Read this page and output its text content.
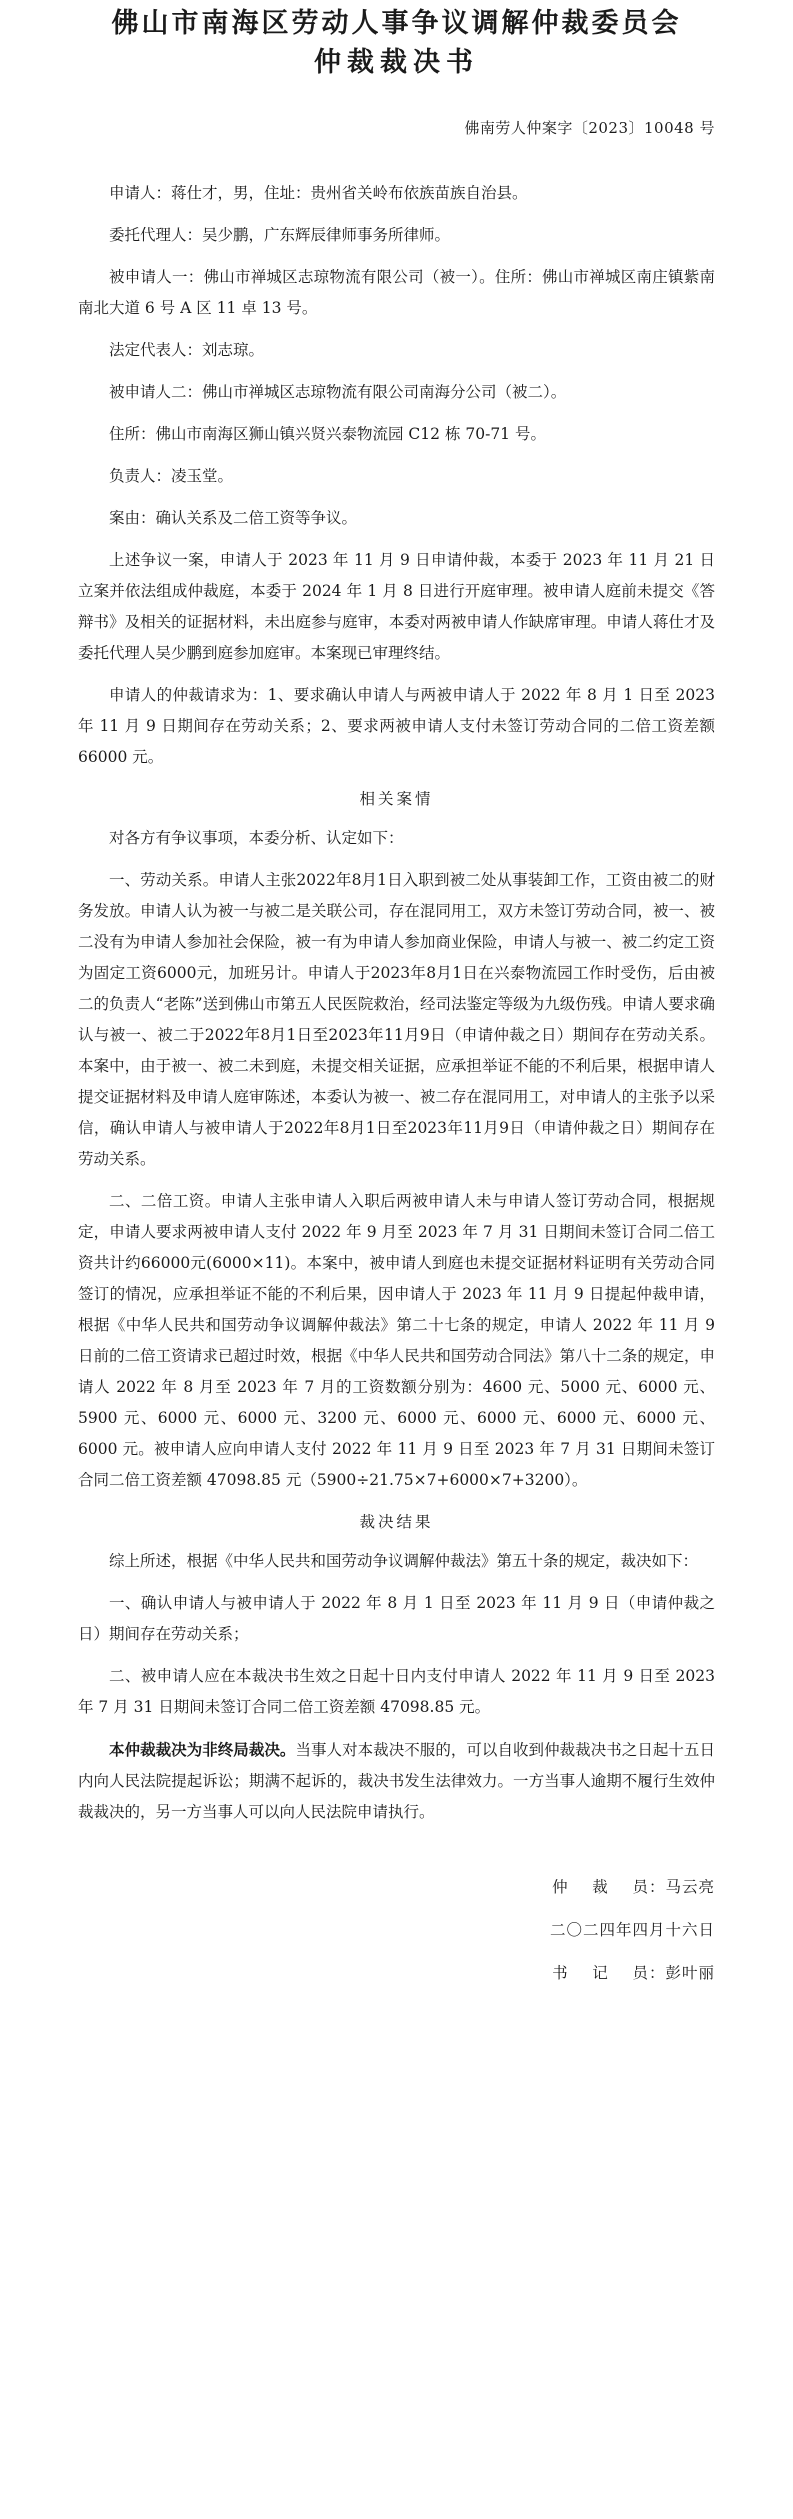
佛山市南海区劳动人事争议调解仲裁委员会

仲裁裁决书

佛南劳人仲案字〔2023〕10048 号

申请人：蒋仕才，男，住址：贵州省关岭布依族苗族自治县。

委托代理人：吴少鹏，广东辉辰律师事务所律师。

被申请人一：佛山市禅城区志琼物流有限公司（被一）。住所：佛山市禅城区南庄镇紫南南北大道 6 号 A 区 11 卓 13 号。

法定代表人：刘志琼。

被申请人二：佛山市禅城区志琼物流有限公司南海分公司（被二）。

住所：佛山市南海区狮山镇兴贤兴泰物流园 C12 栋 70-71 号。

负责人：凌玉堂。

案由：确认关系及二倍工资等争议。

上述争议一案，申请人于 2023 年 11 月 9 日申请仲裁，本委于 2023 年 11 月 21 日立案并依法组成仲裁庭，本委于 2024 年 1 月 8 日进行开庭审理。被申请人庭前未提交《答辩书》及相关的证据材料，未出庭参与庭审，本委对两被申请人作缺席审理。申请人蒋仕才及委托代理人吴少鹏到庭参加庭审。本案现已审理终结。

申请人的仲裁请求为：1、要求确认申请人与两被申请人于 2022 年 8 月 1 日至 2023 年 11 月 9 日期间存在劳动关系；2、要求两被申请人支付未签订劳动合同的二倍工资差额 66000 元。

相关案情

对各方有争议事项，本委分析、认定如下：

一、劳动关系。申请人主张2022年8月1日入职到被二处从事装卸工作，工资由被二的财务发放。申请人认为被一与被二是关联公司，存在混同用工，双方未签订劳动合同，被一、被二没有为申请人参加社会保险，被一有为申请人参加商业保险，申请人与被一、被二约定工资为固定工资6000元，加班另计。申请人于2023年8月1日在兴泰物流园工作时受伤，后由被二的负责人“老陈”送到佛山市第五人民医院救治，经司法鉴定等级为九级伤残。申请人要求确认与被一、被二于2022年8月1日至2023年11月9日（申请仲裁之日）期间存在劳动关系。本案中，由于被一、被二未到庭，未提交相关证据，应承担举证不能的不利后果，根据申请人提交证据材料及申请人庭审陈述，本委认为被一、被二存在混同用工，对申请人的主张予以采信，确认申请人与被申请人于2022年8月1日至2023年11月9日（申请仲裁之日）期间存在劳动关系。

二、二倍工资。申请人主张申请人入职后两被申请人未与申请人签订劳动合同，根据规定，申请人要求两被申请人支付 2022 年 9 月至 2023 年 7 月 31 日期间未签订合同二倍工资共计约66000元(6000×11)。本案中，被申请人到庭也未提交证据材料证明有关劳动合同签订的情况，应承担举证不能的不利后果，因申请人于 2023 年 11 月 9 日提起仲裁申请，根据《中华人民共和国劳动争议调解仲裁法》第二十七条的规定，申请人 2022 年 11 月 9 日前的二倍工资请求已超过时效，根据《中华人民共和国劳动合同法》第八十二条的规定，申请人 2022 年 8 月至 2023 年 7 月的工资数额分别为：4600 元、5000 元、6000 元、5900 元、6000 元、6000 元、3200 元、6000 元、6000 元、6000 元、6000 元、6000 元。被申请人应向申请人支付 2022 年 11 月 9 日至 2023 年 7 月 31 日期间未签订合同二倍工资差额 47098.85 元（5900÷21.75×7+6000×7+3200）。

裁决结果

综上所述，根据《中华人民共和国劳动争议调解仲裁法》第五十条的规定，裁决如下：

一、确认申请人与被申请人于 2022 年 8 月 1 日至 2023 年 11 月 9 日（申请仲裁之日）期间存在劳动关系；

二、被申请人应在本裁决书生效之日起十日内支付申请人 2022 年 11 月 9 日至 2023 年 7 月 31 日期间未签订合同二倍工资差额 47098.85 元。

本仲裁裁决为非终局裁决。当事人对本裁决不服的，可以自收到仲裁裁决书之日起十五日内向人民法院提起诉讼；期满不起诉的，裁决书发生法律效力。一方当事人逾期不履行生效仲裁裁决的，另一方当事人可以向人民法院申请执行。

仲    裁    员：马云亮

二〇二四年四月十六日

书    记    员：彭叶丽
